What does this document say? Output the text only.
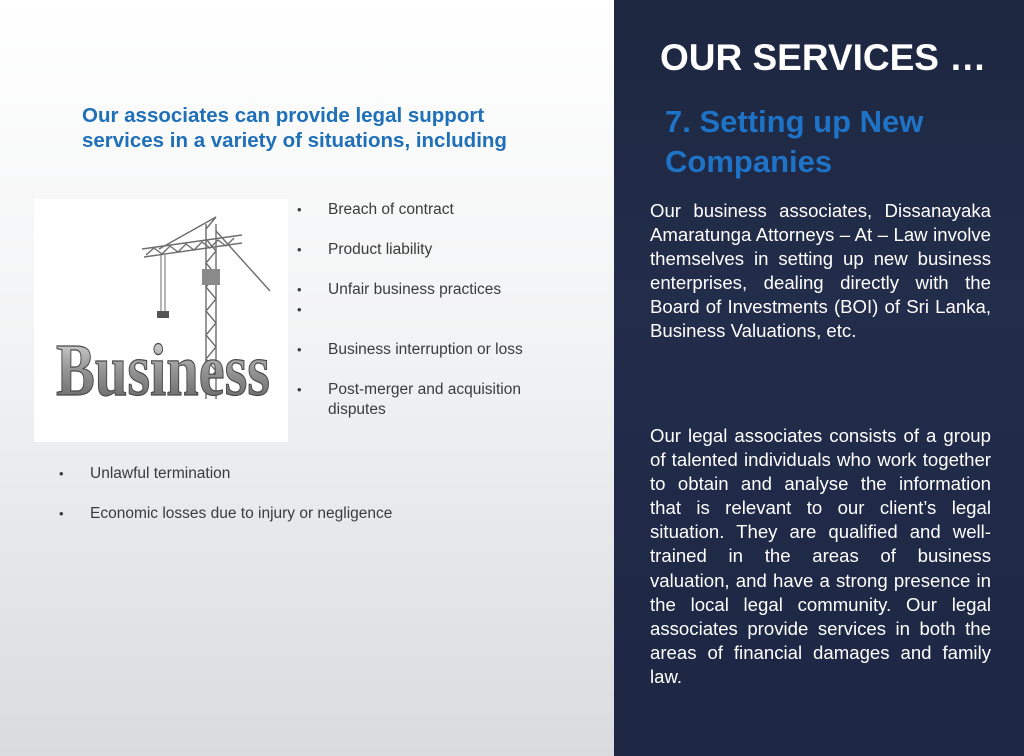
Our associates can provide legal support services in a variety of situations, including
Business
• Breach of contract
• Product liability
• Unfair business practices
•
• Business interruption or loss
• Post-merger and acquisition disputes
• Unlawful termination
• Economic losses due to injury or negligence
OUR SERVICES …
7. Setting up New Companies

Our business associates, Dissanayaka Amaratunga Attorneys – At – Law involve themselves in setting up new business enterprises, dealing directly with the Board of Investments (BOI) of Sri Lanka, Business Valuations, etc.

Our legal associates consists of a group of talented individuals who work together to obtain and analyse the information that is relevant to our client’s legal situation. They are qualified and well-trained in the areas of business valuation, and have a strong presence in the local legal community. Our legal associates provide services in both the areas of financial damages and family law.
